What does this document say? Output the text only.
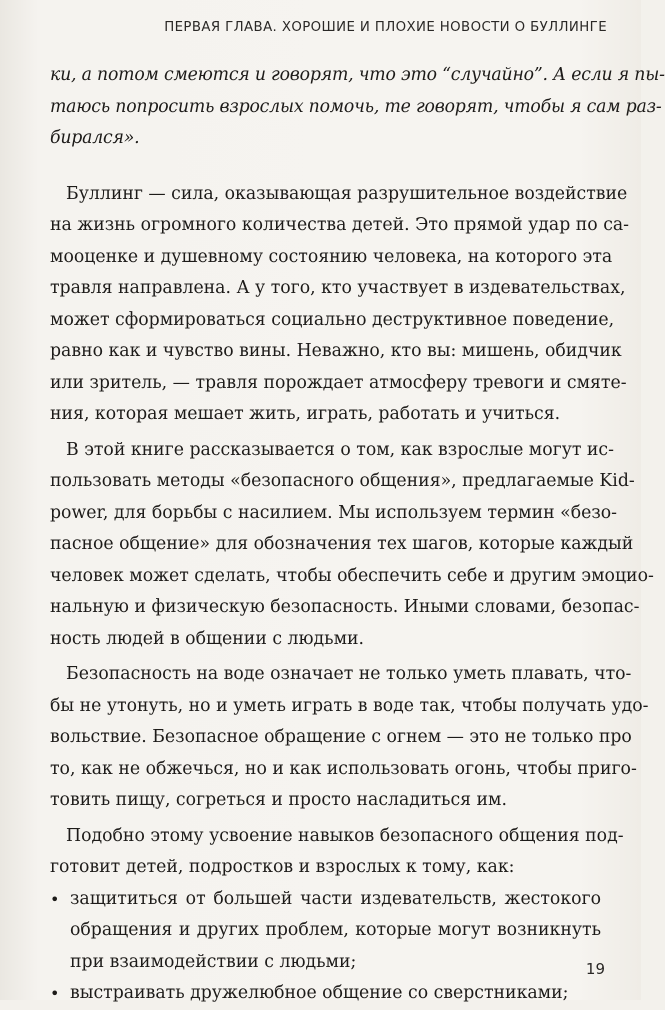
ПЕРВАЯ ГЛАВА. ХОРОШИЕ И ПЛОХИЕ НОВОСТИ О БУЛЛИНГЕ
ки, а потом смеются и говорят, что это “случайно”. А если я пы-
таюсь попросить взрослых помочь, те говорят, чтобы я сам раз-
бирался».
Буллинг — сила, оказывающая разрушительное воздействие
на жизнь огромного количества детей. Это прямой удар по са-
мооценке и душевному состоянию человека, на которого эта
травля направлена. А у того, кто участвует в издевательствах,
может сформироваться социально деструктивное поведение,
равно как и чувство вины. Неважно, кто вы: мишень, обидчик
или зритель, — травля порождает атмосферу тревоги и смяте-
ния, которая мешает жить, играть, работать и учиться.
В этой книге рассказывается о том, как взрослые могут ис-
пользовать методы «безопасного общения», предлагаемые Kid-
power, для борьбы с насилием. Мы используем термин «безо-
пасное общение» для обозначения тех шагов, которые каждый
человек может сделать, чтобы обеспечить себе и другим эмоцио-
нальную и физическую безопасность. Иными словами, безопас-
ность людей в общении с людьми.
Безопасность на воде означает не только уметь плавать, что-
бы не утонуть, но и уметь играть в воде так, чтобы получать удо-
вольствие. Безопасное обращение с огнем — это не только про
то, как не обжечься, но и как использовать огонь, чтобы приго-
товить пищу, согреться и просто насладиться им.
Подобно этому усвоение навыков безопасного общения под-
готовит детей, подростков и взрослых к тому, как:
• защититься от большей части издевательств, жестокого
обращения и других проблем, которые могут возникнуть
при взаимодействии с людьми;
• выстраивать дружелюбное общение со сверстниками;
19
